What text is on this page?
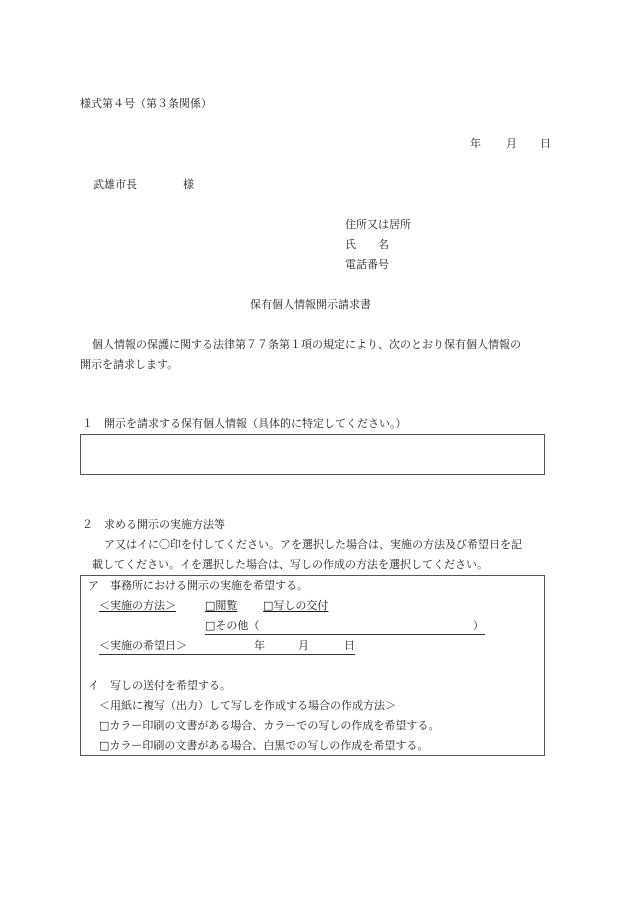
様式第４号（第３条関係）
年 月 日
武雄市長	様
住所又は居所
氏　　名
電話番号
保有個人情報開示請求書
個人情報の保護に関する法律第７７条第１項の規定により、次のとおり保有個人情報の
開示を請求します。
１　開示を請求する保有個人情報（具体的に特定してください。）
２　求める開示の実施方法等
ア又はイに〇印を付してください。アを選択した場合は、実施の方法及び希望日を記
載してください。イを選択した場合は、写しの作成の方法を選択してください。
ア　事務所における開示の実施を希望する。
＜実施の方法＞	□閲覧 □写しの交付
□その他（	）
＜実施の希望日＞	年	月	日
イ　写しの送付を希望する。
＜用紙に複写（出力）して写しを作成する場合の作成方法＞
□カラー印刷の文書がある場合、カラーでの写しの作成を希望する。
□カラー印刷の文書がある場合、白黒での写しの作成を希望する。
